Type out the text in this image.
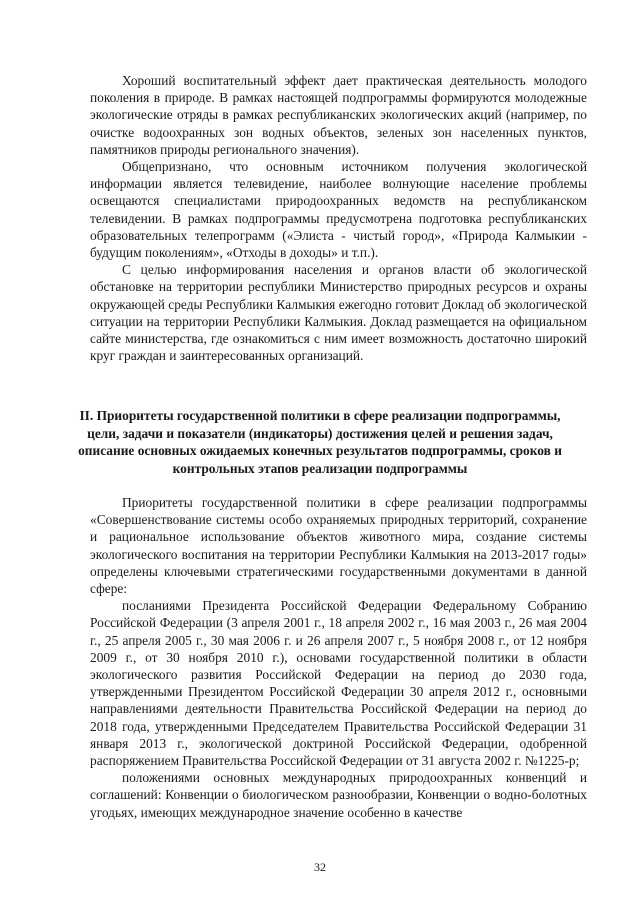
Хороший воспитательный эффект дает практическая деятельность молодого поколения в природе. В рамках настоящей подпрограммы формируются молодежные экологические отряды в рамках республиканских экологических акций (например, по очистке водоохранных зон водных объектов, зеленых зон населенных пунктов, памятников природы регионального значения).

Общепризнано, что основным источником получения экологической информации является телевидение, наиболее волнующие население проблемы освещаются специалистами природоохранных ведомств на республиканском телевидении. В рамках подпрограммы предусмотрена подготовка республиканских образовательных телепрограмм («Элиста - чистый город», «Природа Калмыкии - будущим поколениям», «Отходы в доходы» и т.п.).

С целью информирования населения и органов власти об экологической обстановке на территории республики Министерство природных ресурсов и охраны окружающей среды Республики Калмыкия ежегодно готовит Доклад об экологической ситуации на территории Республики Калмыкия. Доклад размещается на официальном сайте министерства, где ознакомиться с ним имеет возможность достаточно широкий круг граждан и заинтересованных организаций.

II. Приоритеты государственной политики в сфере реализации подпрограммы, цели, задачи и показатели (индикаторы) достижения целей и решения задач, описание основных ожидаемых конечных результатов подпрограммы, сроков и контрольных этапов реализации подпрограммы

Приоритеты государственной политики в сфере реализации подпрограммы «Совершенствование системы особо охраняемых природных территорий, сохранение и рациональное использование объектов животного мира, создание системы экологического воспитания на территории Республики Калмыкия на 2013-2017 годы» определены ключевыми стратегическими государственными документами в данной сфере:

посланиями Президента Российской Федерации Федеральному Собранию Российской Федерации (3 апреля 2001 г., 18 апреля 2002 г., 16 мая 2003 г., 26 мая 2004 г., 25 апреля 2005 г., 30 мая 2006 г. и 26 апреля 2007 г., 5 ноября 2008 г., от 12 ноября 2009 г., от 30 ноября 2010 г.), основами государственной политики в области экологического развития Российской Федерации на период до 2030 года, утвержденными Президентом Российской Федерации 30 апреля 2012 г., основными направлениями деятельности Правительства Российской Федерации на период до 2018 года, утвержденными Председателем Правительства Российской Федерации 31 января 2013 г., экологической доктриной Российской Федерации, одобренной распоряжением Правительства Российской Федерации от 31 августа 2002 г. №1225-р;

положениями основных международных природоохранных конвенций и соглашений: Конвенции о биологическом разнообразии, Конвенции о водно-болотных угодьях, имеющих международное значение особенно в качестве

32
